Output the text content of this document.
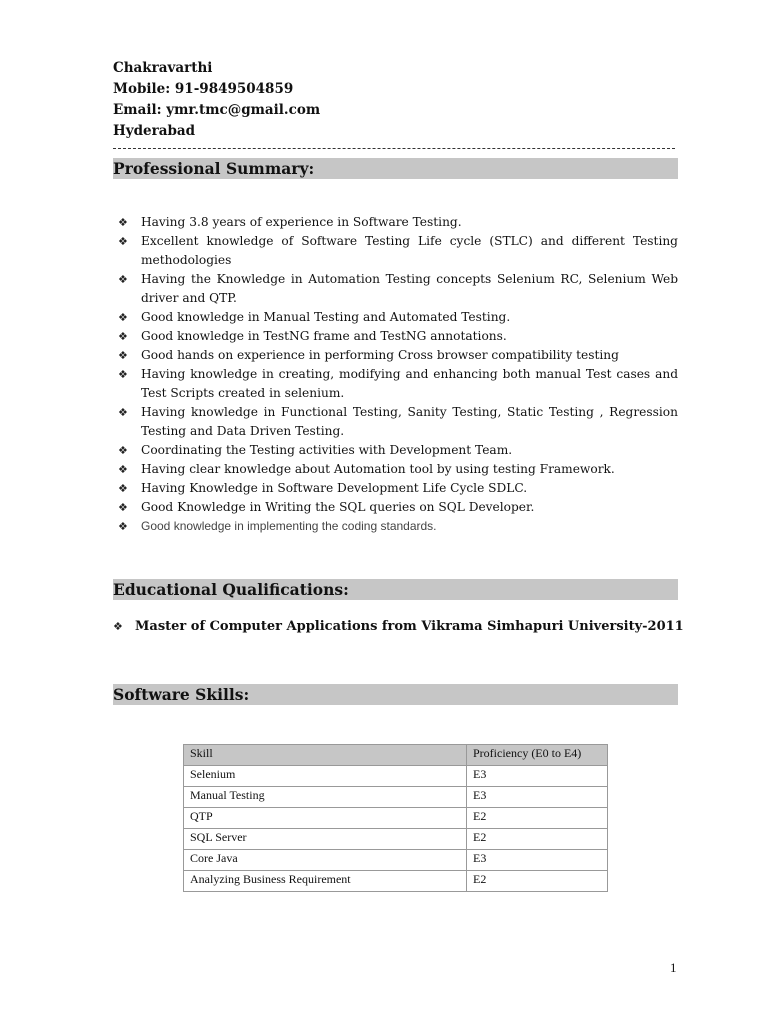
Chakravarthi
Mobile: 91-9849504859
Email: ymr.tmc@gmail.com
Hyderabad
Professional Summary:
❖ Having 3.8 years of experience in Software Testing.
❖ Excellent knowledge of Software Testing Life cycle (STLC) and different Testing methodologies
❖ Having the Knowledge in Automation Testing concepts Selenium RC, Selenium Web driver and QTP.
❖ Good knowledge in Manual Testing and Automated Testing.
❖ Good knowledge in TestNG frame and TestNG annotations.
❖ Good hands on experience in performing Cross browser compatibility testing
❖ Having knowledge in creating, modifying and enhancing both manual Test cases and Test Scripts created in selenium.
❖ Having knowledge in Functional Testing, Sanity Testing, Static Testing , Regression Testing and Data Driven Testing.
❖ Coordinating the Testing activities with Development Team.
❖ Having clear knowledge about Automation tool by using testing Framework.
❖ Having Knowledge in Software Development Life Cycle SDLC.
❖ Good Knowledge in Writing the SQL queries on SQL Developer.
❖ Good knowledge in implementing the coding standards.
Educational Qualifications:
❖ Master of Computer Applications from Vikrama Simhapuri University-2011
Software Skills:
Skill	Proficiency (E0 to E4)
Selenium	E3
Manual Testing	E3
QTP	E2
SQL Server	E2
Core Java	E3
Analyzing Business Requirement	E2
1
